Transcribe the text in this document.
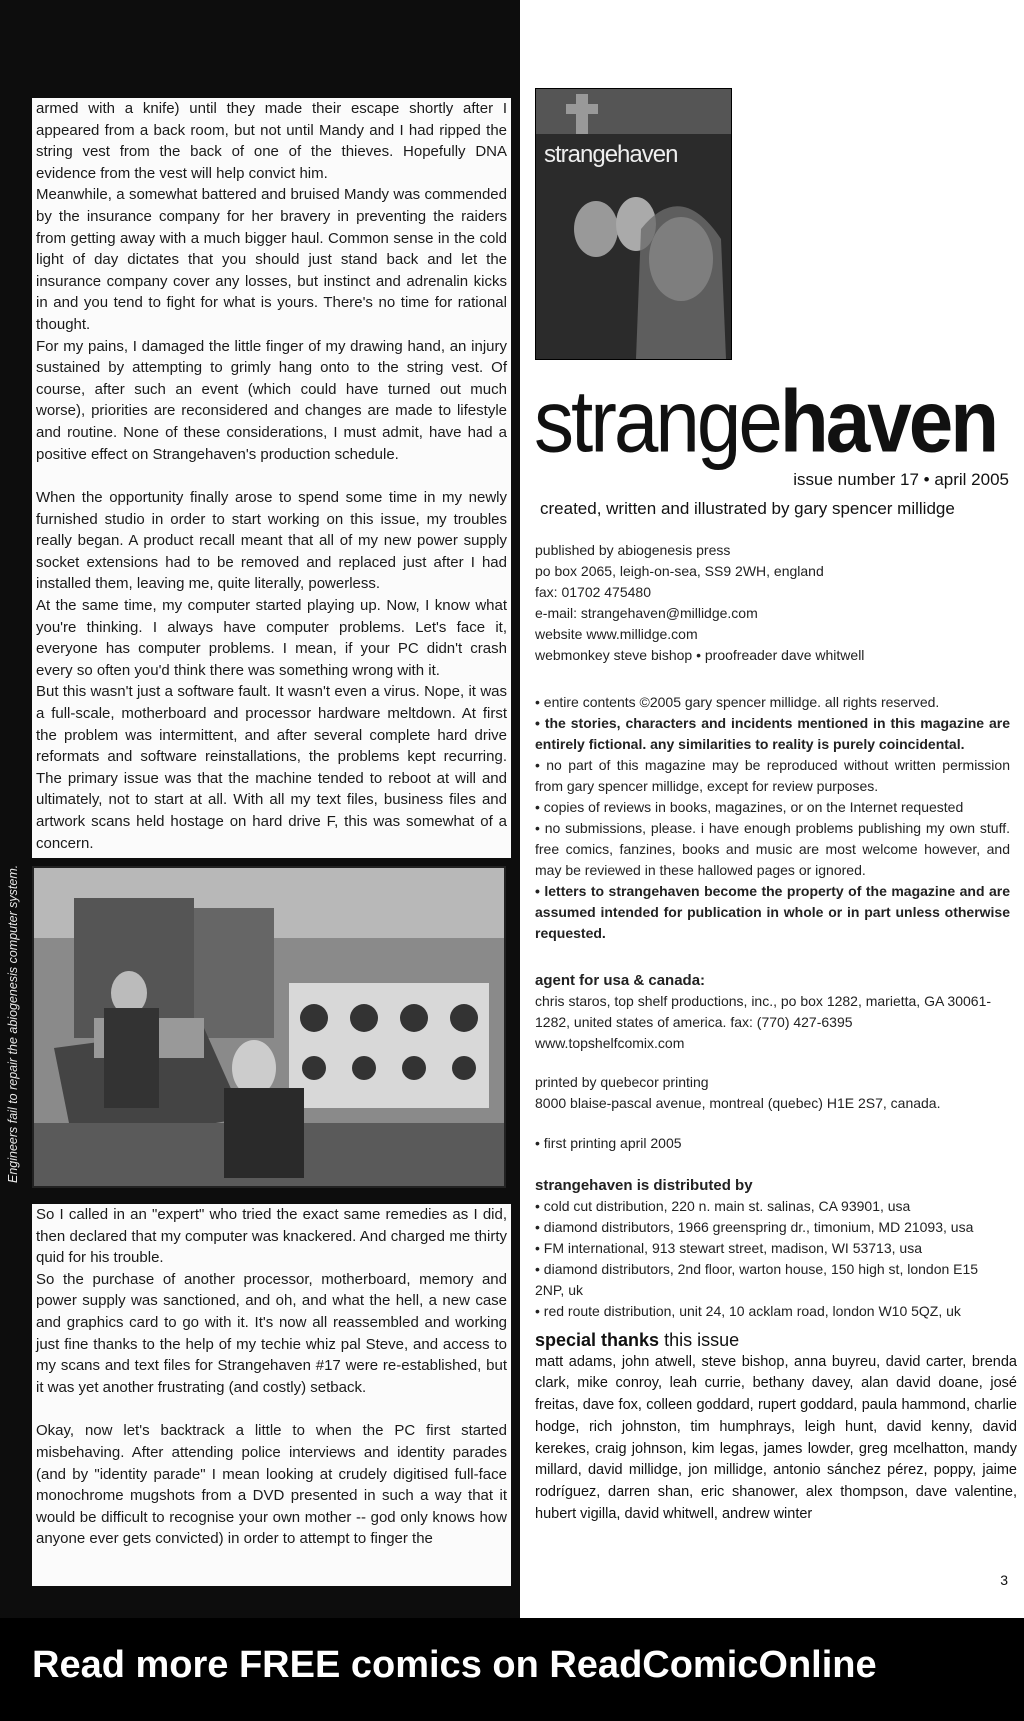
armed with a knife) until they made their escape shortly after I appeared from a back room, but not until Mandy and I had ripped the string vest from the back of one of the thieves. Hopefully DNA evidence from the vest will help convict him.

Meanwhile, a somewhat battered and bruised Mandy was commended by the insurance company for her bravery in preventing the raiders from getting away with a much bigger haul. Common sense in the cold light of day dictates that you should just stand back and let the insurance company cover any losses, but instinct and adrenalin kicks in and you tend to fight for what is yours. There's no time for rational thought.

For my pains, I damaged the little finger of my drawing hand, an injury sustained by attempting to grimly hang onto to the string vest. Of course, after such an event (which could have turned out much worse), priorities are reconsidered and changes are made to lifestyle and routine. None of these considerations, I must admit, have had a positive effect on Strangehaven's production schedule.

When the opportunity finally arose to spend some time in my newly furnished studio in order to start working on this issue, my troubles really began. A product recall meant that all of my new power supply socket extensions had to be removed and replaced just after I had installed them, leaving me, quite literally, powerless.

At the same time, my computer started playing up. Now, I know what you're thinking. I always have computer problems. Let's face it, everyone has computer problems. I mean, if your PC didn't crash every so often you'd think there was something wrong with it.

But this wasn't just a software fault. It wasn't even a virus. Nope, it was a full-scale, motherboard and processor hardware meltdown. At first the problem was intermittent, and after several complete hard drive reformats and software reinstallations, the problems kept recurring. The primary issue was that the machine tended to reboot at will and ultimately, not to start at all. With all my text files, business files and artwork scans held hostage on hard drive F, this was somewhat of a concern.

Engineers fail to repair the abiogenesis computer system.

So I called in an "expert" who tried the exact same remedies as I did, then declared that my computer was knackered. And charged me thirty quid for his trouble.

So the purchase of another processor, motherboard, memory and power supply was sanctioned, and oh, and what the hell, a new case and graphics card to go with it. It's now all reassembled and working just fine thanks to the help of my techie whiz pal Steve, and access to my scans and text files for Strangehaven #17 were re-established, but it was yet another frustrating (and costly) setback.

Okay, now let's backtrack a little to when the PC first started misbehaving. After attending police interviews and identity parades (and by "identity parade" I mean looking at crudely digitised full-face monochrome mugshots from a DVD presented in such a way that it would be difficult to recognise your own mother -- god only knows how anyone ever gets convicted) in order to attempt to finger the

strangehaven
strangehaven
issue number 17 • april 2005
created, written and illustrated by gary spencer millidge

published by abiogenesis press

po box 2065, leigh-on-sea, SS9 2WH, england

fax: 01702 475480

e-mail: strangehaven@millidge.com

website www.millidge.com

webmonkey steve bishop • proofreader dave whitwell

• entire contents ©2005 gary spencer millidge. all rights reserved.

• the stories, characters and incidents mentioned in this magazine are entirely fictional. any similarities to reality is purely coincidental.

• no part of this magazine may be reproduced without written permission from gary spencer millidge, except for review purposes.

• copies of reviews in books, magazines, or on the Internet requested

• no submissions, please. i have enough problems publishing my own stuff. free comics, fanzines, books and music are most welcome however, and may be reviewed in these hallowed pages or ignored.

• letters to strangehaven become the property of the magazine and are assumed intended for publication in whole or in part unless otherwise requested.

agent for usa & canada:

chris staros, top shelf productions, inc., po box 1282, marietta, GA 30061-1282, united states of america. fax: (770) 427-6395

www.topshelfcomix.com

printed by quebecor printing

8000 blaise-pascal avenue, montreal (quebec) H1E 2S7, canada.

• first printing april 2005

strangehaven is distributed by

• cold cut distribution, 220 n. main st. salinas, CA 93901, usa

• diamond distributors, 1966 greenspring dr., timonium, MD 21093, usa

• FM international, 913 stewart street, madison, WI 53713, usa

• diamond distributors, 2nd floor, warton house, 150 high st, london E15 2NP, uk

• red route distribution, unit 24, 10 acklam road, london W10 5QZ, uk

special thanks this issue
matt adams, john atwell, steve bishop, anna buyreu, david carter, brenda clark, mike conroy, leah currie, bethany davey, alan david doane, josé freitas, dave fox, colleen goddard, rupert goddard, paula hammond, charlie hodge, rich johnston, tim humphrays, leigh hunt, david kenny, david kerekes, craig johnson, kim legas, james lowder, greg mcelhatton, mandy millard, david millidge, jon millidge, antonio sánchez pérez, poppy, jaime rodríguez, darren shan, eric shanower, alex thompson, dave valentine, hubert vigilla, david whitwell, andrew winter
3
Read more FREE comics on ReadComicOnline
